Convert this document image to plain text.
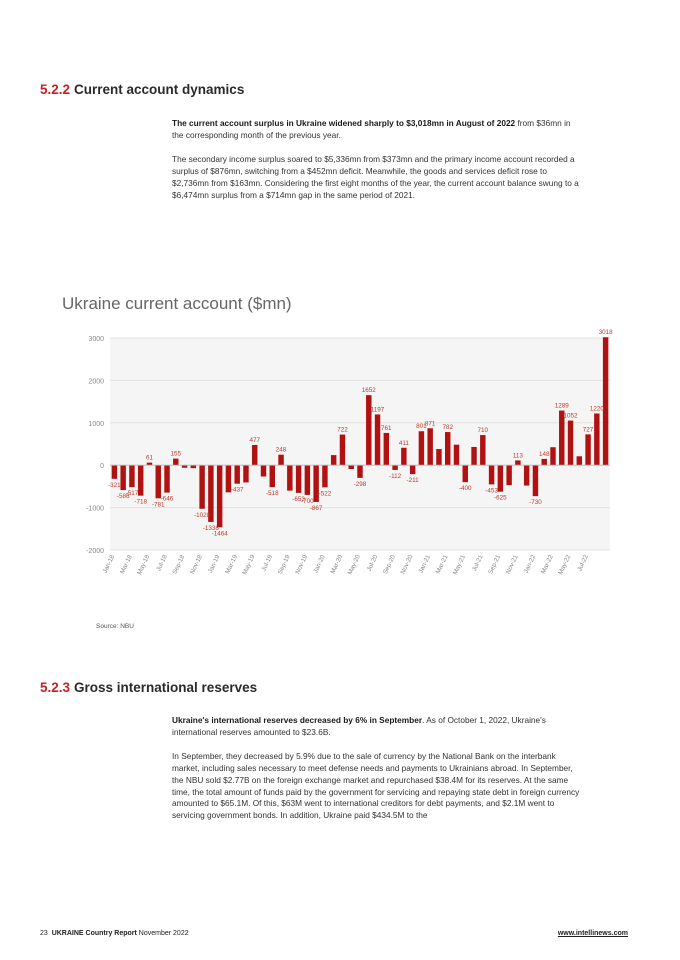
5.2.2 Current account dynamics

The current account surplus in Ukraine widened sharply to $3,018mn in August of 2022 from $36mn in the corresponding month of the previous year.

The secondary income surplus soared to $5,336mn from $373mn and the primary income account recorded a surplus of $876mn, switching from a $452mn deficit. Meanwhile, the goods and services deficit rose to $2,736mn from $163mn. Considering the first eight months of the year, the current account balance swung to a $6,474mn surplus from a $714mn gap in the same period of 2021.

Ukraine current account ($mn)
-2000
-1000
0
1000
2000
3000
-321
-586
-517
-718
61
-781
-646
155
-1028
-1338
-1464
-437
477
-518
248
-653
-700
-867
-522
722
-298
1652
1197
761
-112
411
-211
801
871
782
-400
710
-453
-625
113
-730
148
1289
1052
727
1220
3018
Jan-18 Mar-18 May-18 Jul-18 Sep-18 Nov-18 Jan-19 Mar-19 May-19 Jul-19 Sep-19 Nov-19 Jan-20 Mar-20 May-20 Jul-20 Sep-20 Nov-20 Jan-21 Mar-21 May-21 Jul-21 Sep-21 Nov-21 Jan-22 Mar-22 May-22 Jul-22
Source: NBU
5.2.3 Gross international reserves

Ukraine's international reserves decreased by 6% in September. As of October 1, 2022, Ukraine's international reserves amounted to $23.6B.

In September, they decreased by 5.9% due to the sale of currency by the National Bank on the interbank market, including sales necessary to meet defense needs and payments to Ukrainians abroad. In September, the NBU sold $2.77B on the foreign exchange market and repurchased $38.4M for its reserves. At the same time, the total amount of funds paid by the government for servicing and repaying state debt in foreign currency amounted to $65.1M. Of this, $63M went to international creditors for debt payments, and $2.1M went to servicing government bonds. In addition, Ukraine paid $434.5M to the

23 UKRAINE Country Report November 2022	www.intellinews.com
